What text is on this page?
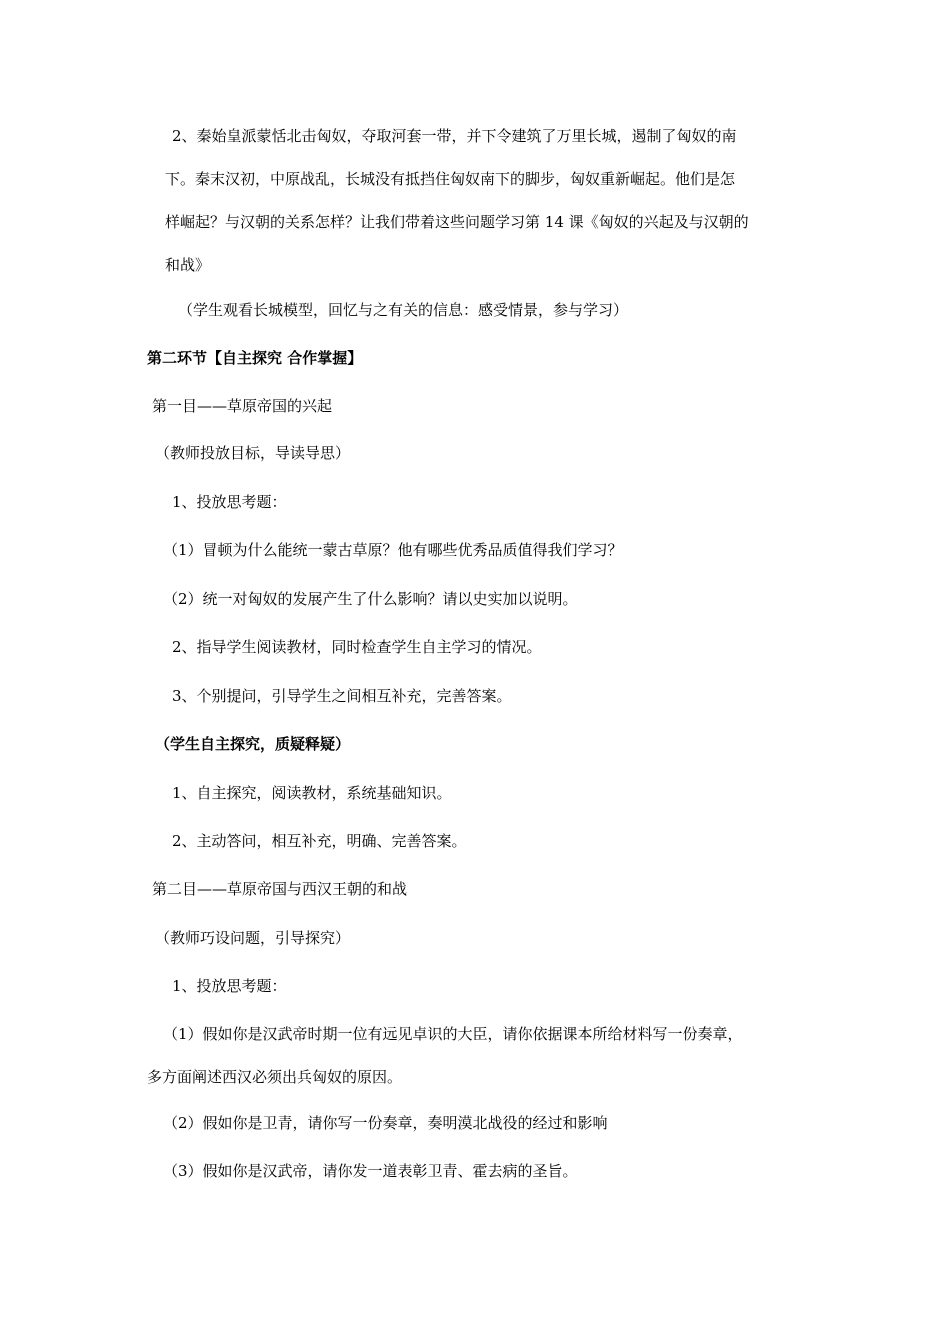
2、秦始皇派蒙恬北击匈奴，夺取河套一带，并下令建筑了万里长城，遏制了匈奴的南
下。秦末汉初，中原战乱，长城没有抵挡住匈奴南下的脚步，匈奴重新崛起。他们是怎
样崛起？与汉朝的关系怎样？让我们带着这些问题学习第 14 课《匈奴的兴起及与汉朝的
和战》
（学生观看长城模型，回忆与之有关的信息：感受情景，参与学习）
第二环节【自主探究 合作掌握】
第一目——草原帝国的兴起
（教师投放目标，导读导思）
1、投放思考题：
（1）冒顿为什么能统一蒙古草原？他有哪些优秀品质值得我们学习？
（2）统一对匈奴的发展产生了什么影响？请以史实加以说明。
2、指导学生阅读教材，同时检查学生自主学习的情况。
3、个别提问，引导学生之间相互补充，完善答案。
（学生自主探究，质疑释疑）
1、自主探究，阅读教材，系统基础知识。
2、主动答问，相互补充，明确、完善答案。
第二目——草原帝国与西汉王朝的和战
（教师巧设问题，引导探究）
1、投放思考题：
（1）假如你是汉武帝时期一位有远见卓识的大臣，请你依据课本所给材料写一份奏章，
多方面阐述西汉必须出兵匈奴的原因。
（2）假如你是卫青，请你写一份奏章，奏明漠北战役的经过和影响
（3）假如你是汉武帝，请你发一道表彰卫青、霍去病的圣旨。
